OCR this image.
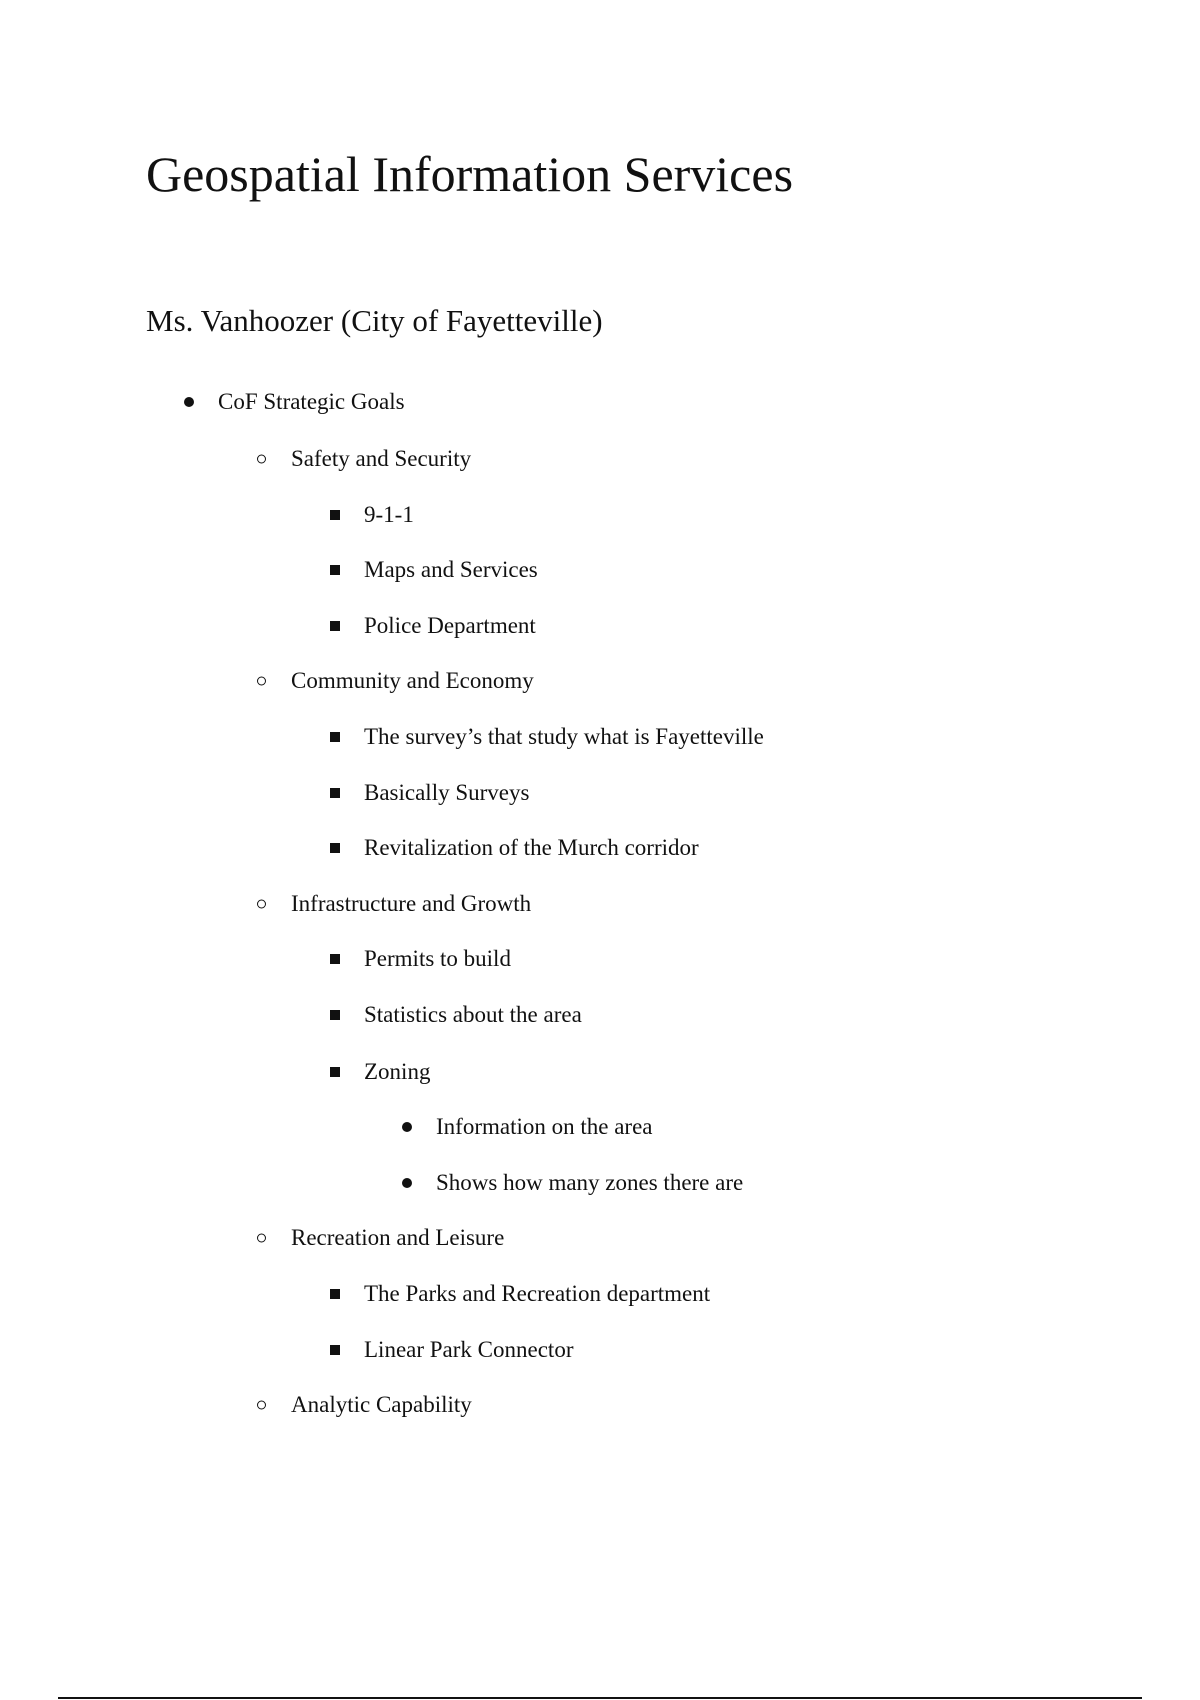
Geospatial Information Services
Ms. Vanhoozer (City of Fayetteville)
CoF Strategic Goals
Safety and Security
9-1-1
Maps and Services
Police Department
Community and Economy
The survey’s that study what is Fayetteville
Basically Surveys
Revitalization of the Murch corridor
Infrastructure and Growth
Permits to build
Statistics about the area
Zoning
Information on the area
Shows how many zones there are
Recreation and Leisure
The Parks and Recreation department
Linear Park Connector
Analytic Capability
